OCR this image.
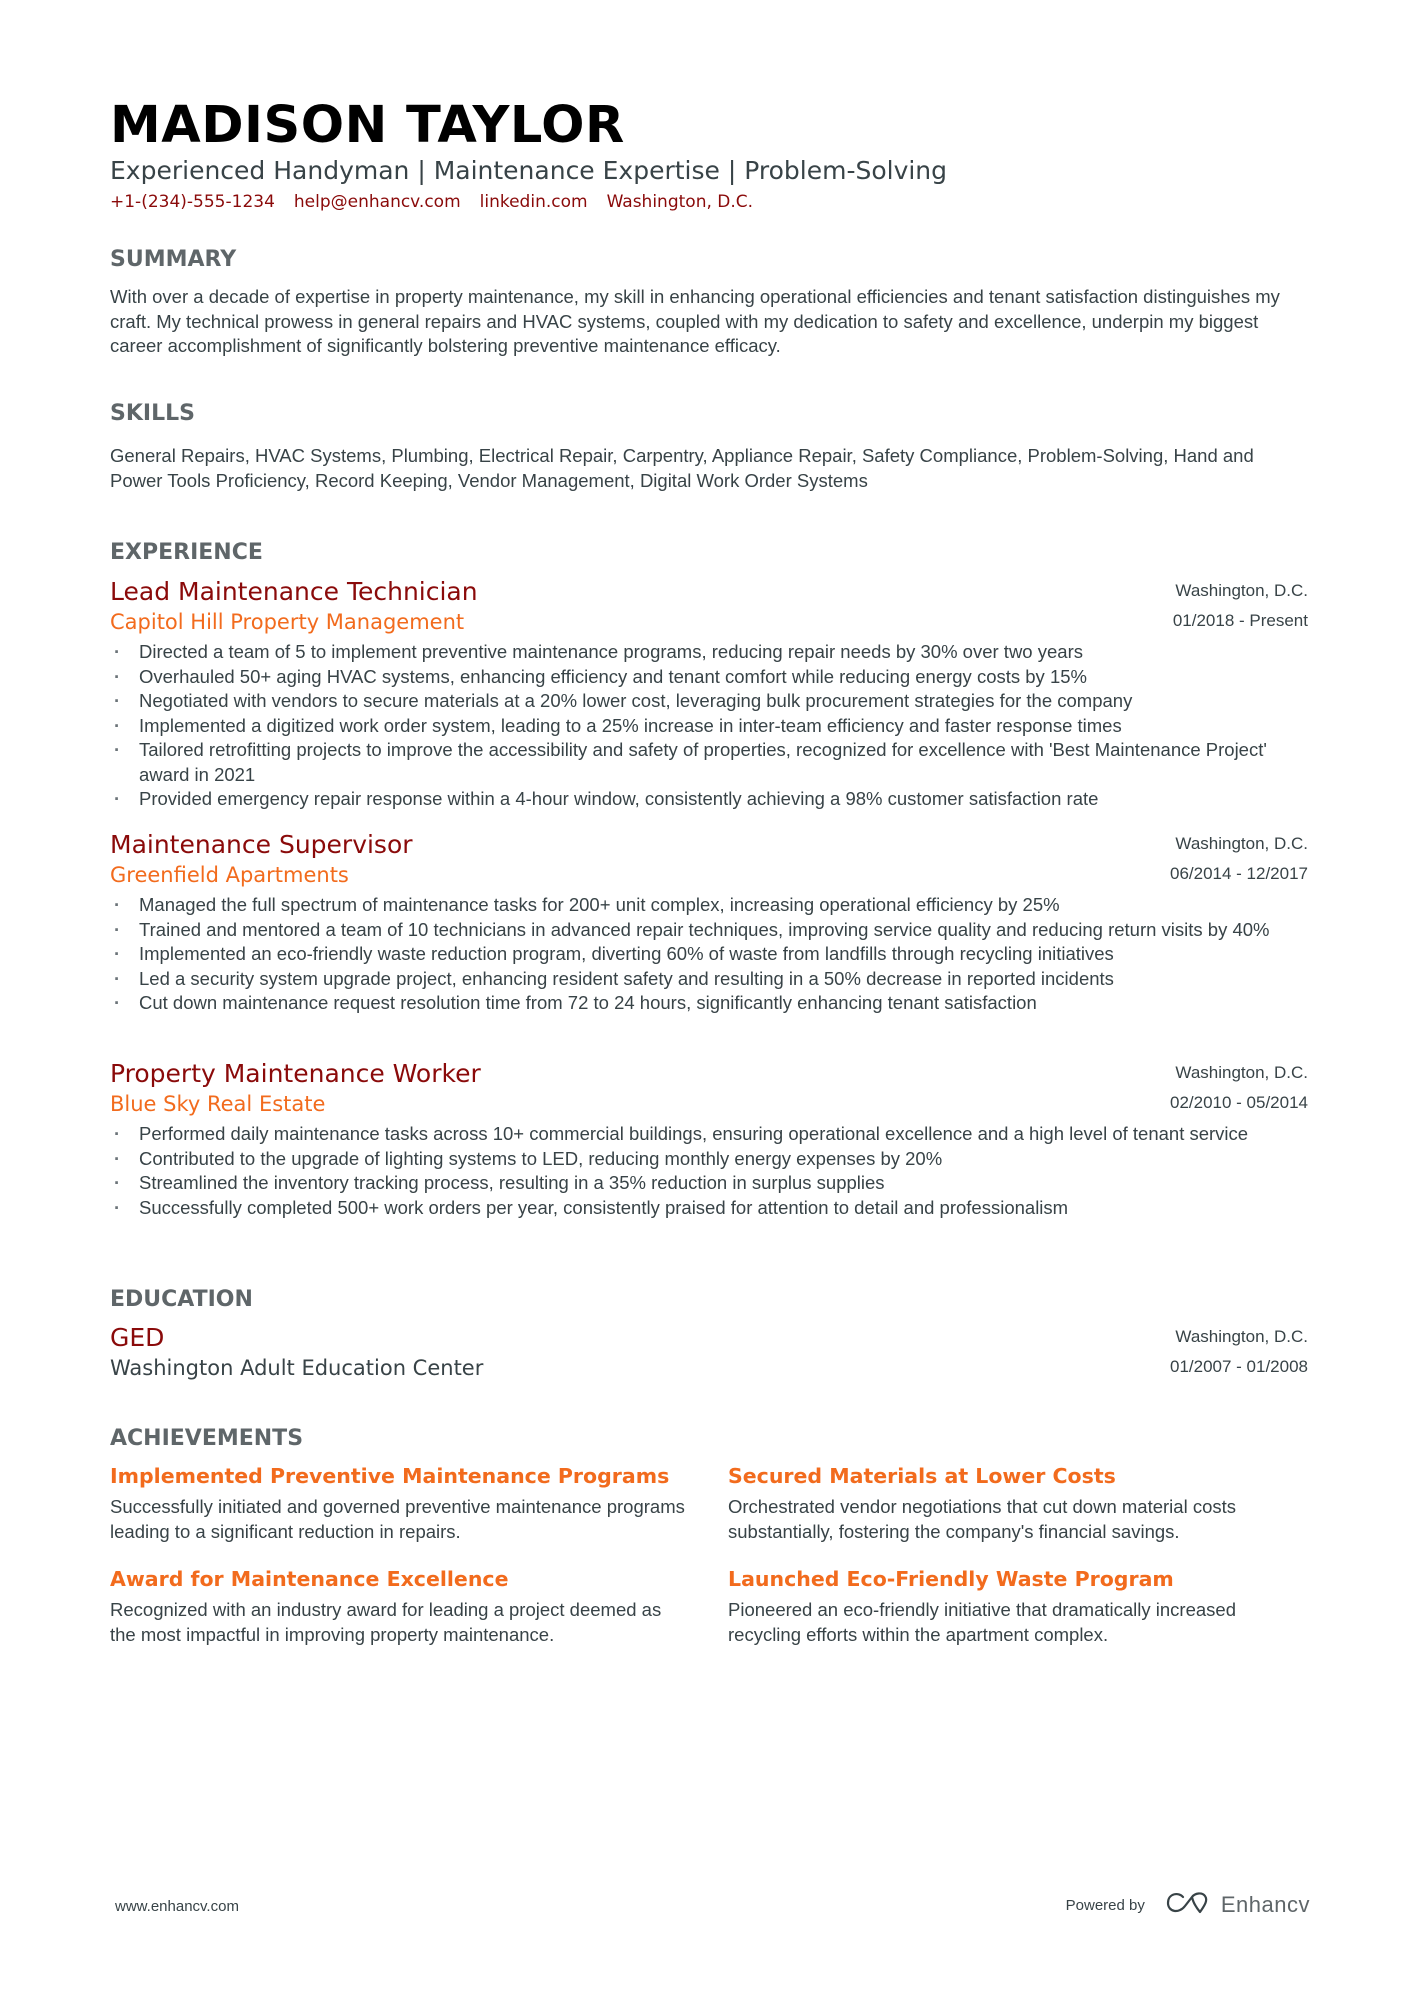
MADISON TAYLOR
Experienced Handyman | Maintenance Expertise | Problem-Solving
+1-(234)-555-1234 help@enhancv.com linkedin.com Washington, D.C.
SUMMARY
With over a decade of expertise in property maintenance, my skill in enhancing operational efficiencies and tenant satisfaction distinguishes my craft. My technical prowess in general repairs and HVAC systems, coupled with my dedication to safety and excellence, underpin my biggest career accomplishment of significantly bolstering preventive maintenance efficacy.
SKILLS
General Repairs, HVAC Systems, Plumbing, Electrical Repair, Carpentry, Appliance Repair, Safety Compliance, Problem-Solving, Hand and Power Tools Proficiency, Record Keeping, Vendor Management, Digital Work Order Systems
EXPERIENCE
Lead Maintenance Technician
Capitol Hill Property Management
Washington, D.C.
01/2018 - Present
· Directed a team of 5 to implement preventive maintenance programs, reducing repair needs by 30% over two years
· Overhauled 50+ aging HVAC systems, enhancing efficiency and tenant comfort while reducing energy costs by 15%
· Negotiated with vendors to secure materials at a 20% lower cost, leveraging bulk procurement strategies for the company
· Implemented a digitized work order system, leading to a 25% increase in inter-team efficiency and faster response times
· Tailored retrofitting projects to improve the accessibility and safety of properties, recognized for excellence with 'Best Maintenance Project' award in 2021
· Provided emergency repair response within a 4-hour window, consistently achieving a 98% customer satisfaction rate
Maintenance Supervisor
Greenfield Apartments
Washington, D.C.
06/2014 - 12/2017
· Managed the full spectrum of maintenance tasks for 200+ unit complex, increasing operational efficiency by 25%
· Trained and mentored a team of 10 technicians in advanced repair techniques, improving service quality and reducing return visits by 40%
· Implemented an eco-friendly waste reduction program, diverting 60% of waste from landfills through recycling initiatives
· Led a security system upgrade project, enhancing resident safety and resulting in a 50% decrease in reported incidents
· Cut down maintenance request resolution time from 72 to 24 hours, significantly enhancing tenant satisfaction
Property Maintenance Worker
Blue Sky Real Estate
Washington, D.C.
02/2010 - 05/2014
· Performed daily maintenance tasks across 10+ commercial buildings, ensuring operational excellence and a high level of tenant service
· Contributed to the upgrade of lighting systems to LED, reducing monthly energy expenses by 20%
· Streamlined the inventory tracking process, resulting in a 35% reduction in surplus supplies
· Successfully completed 500+ work orders per year, consistently praised for attention to detail and professionalism
EDUCATION
GED
Washington Adult Education Center
Washington, D.C.
01/2007 - 01/2008
ACHIEVEMENTS
Implemented Preventive Maintenance Programs
Successfully initiated and governed preventive maintenance programs leading to a significant reduction in repairs.
Secured Materials at Lower Costs
Orchestrated vendor negotiations that cut down material costs substantially, fostering the company's financial savings.
Award for Maintenance Excellence
Recognized with an industry award for leading a project deemed as the most impactful in improving property maintenance.
Launched Eco-Friendly Waste Program
Pioneered an eco-friendly initiative that dramatically increased recycling efforts within the apartment complex.
www.enhancv.com	Powered by	Enhancv
